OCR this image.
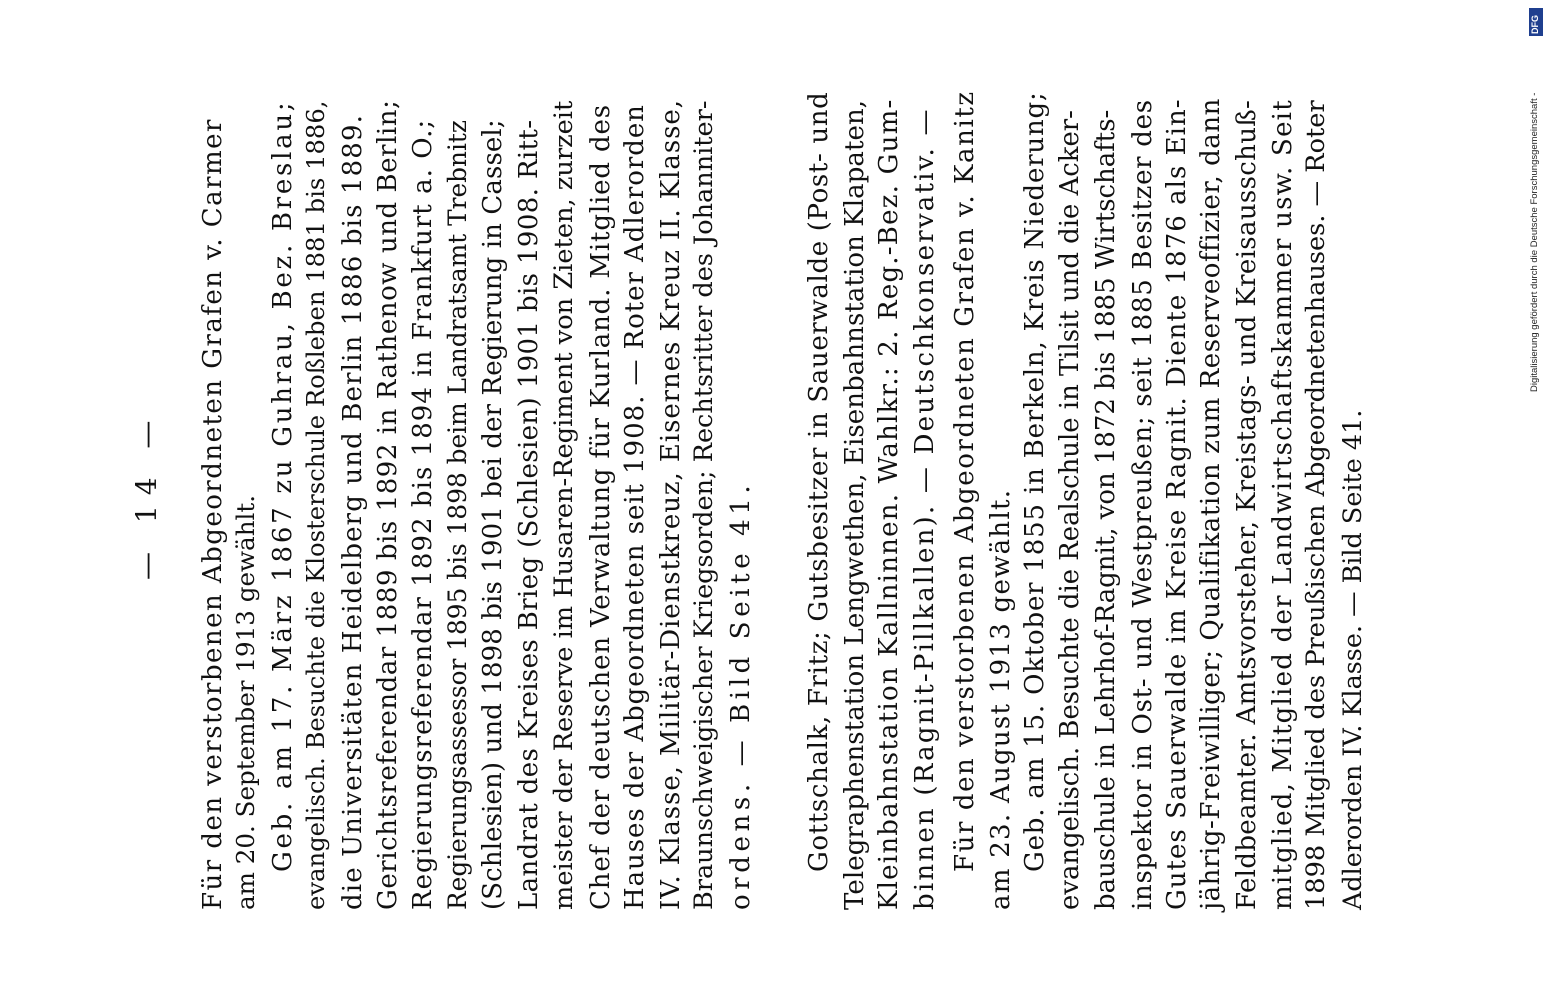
— 14 — Für den verstorbenen Abgeordneten Grafen v. Carmer am 20. September 1913 gewählt. Geb. am 17. März 1867 zu Guhrau, Bez. Breslau; evangelisch. Besuchte die Klosterschule Roßleben 1881 bis 1886, die Universitäten Heidelberg und Berlin 1886 bis 1889. Gerichtsreferendar 1889 bis 1892 in Rathenow und Berlin; Regierungsreferendar 1892 bis 1894 in Frankfurt a. O.; Regierungsassessor 1895 bis 1898 beim Landratsamt Trebnitz (Schlesien) und 1898 bis 1901 bei der Regierung in Cassel; Landrat des Kreises Brieg (Schlesien) 1901 bis 1908. Ritt- meister der Reserve im Husaren-Regiment von Zieten, zurzeit Chef der deutschen Verwaltung für Kurland. Mitglied des Hauses der Abgeordneten seit 1908. — Roter Adlerorden IV. Klasse, Militär-Dienstkreuz, Eisernes Kreuz II. Klasse, Braunschweigischer Kriegsorden; Rechtsritter des Johanniter- ordens. — Bild Seite 41. Gottschalk, Fritz; Gutsbesitzer in Sauerwalde (Post- und Telegraphenstation Lengwethen, Eisenbahnstation Klapaten, Kleinbahnstation Kallninnen. Wahlkr.: 2. Reg.-Bez. Gum- binnen (Ragnit-Pillkallen). — Deutschkonservativ. — Für den verstorbenen Abgeordneten Grafen v. Kanitz am 23. August 1913 gewählt. Geb. am 15. Oktober 1855 in Berkeln, Kreis Niederung; evangelisch. Besuchte die Realschule in Tilsit und die Acker- bauschule in Lehrhof-Ragnit, von 1872 bis 1885 Wirtschafts- inspektor in Ost- und Westpreußen; seit 1885 Besitzer des Gutes Sauerwalde im Kreise Ragnit. Diente 1876 als Ein- jährig-Freiwilliger; Qualifikation zum Reserveoffizier, dann Feldbeamter. Amtsvorsteher, Kreistags- und Kreisausschuß- mitglied, Mitglied der Landwirtschaftskammer usw. Seit 1898 Mitglied des Preußischen Abgeordnetenhauses. — Roter Adlerorden IV. Klasse. — Bild Seite 41.
Digitalisierung gefördert durch die Deutsche Forschungsgemeinschaft -
DFG
